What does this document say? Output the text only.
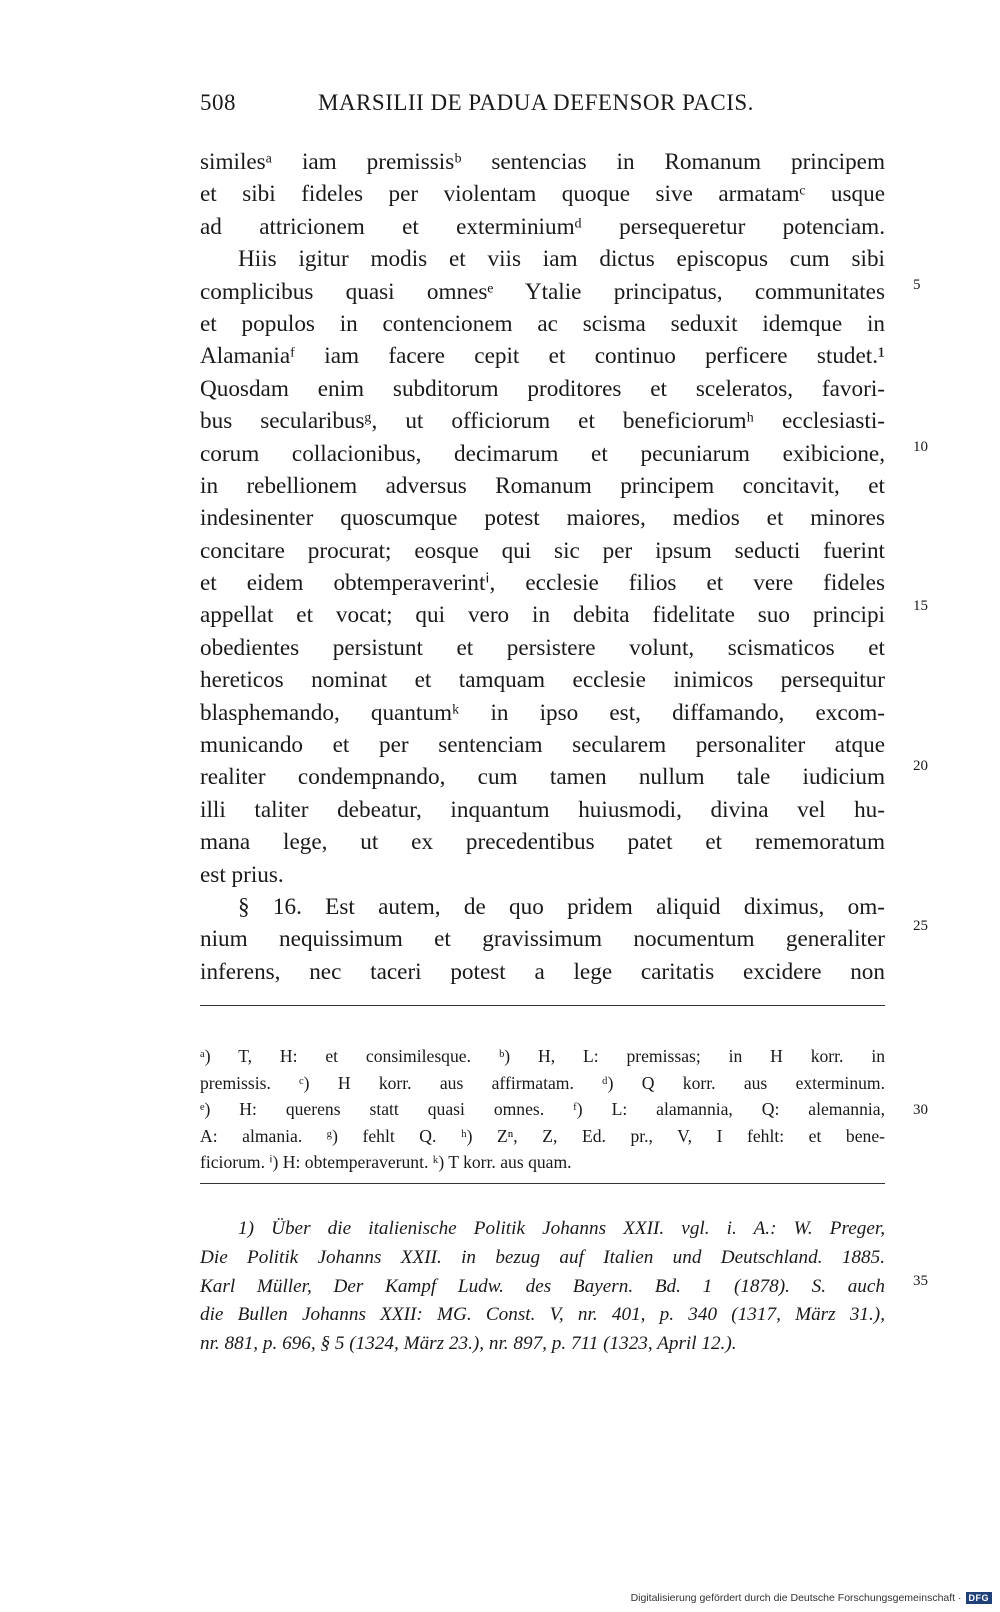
508	MARSILII DE PADUA DEFENSOR PACIS.
similesᵃ iam premissisᵇ sentencias in Romanum principem
et sibi fideles per violentam quoque sive armatamᶜ usque
ad attricionem et exterminiumᵈ persequeretur potenciam.
Hiis igitur modis et viis iam dictus episcopus cum sibi
complicibus quasi omnesᵉ Ytalie principatus, communitates
et populos in contencionem ac scisma seduxit idemque in
Alamaniaᶠ iam facere cepit et continuo perficere studet.¹
Quosdam enim subditorum proditores et sceleratos, favori-
bus secularibusᵍ, ut officiorum et beneficiorumʰ ecclesiasti-
corum collacionibus, decimarum et pecuniarum exibicione,
in rebellionem adversus Romanum principem concitavit, et
indesinenter quoscumque potest maiores, medios et minores
concitare procurat; eosque qui sic per ipsum seducti fuerint
et eidem obtemperaverintⁱ, ecclesie filios et vere fideles
appellat et vocat; qui vero in debita fidelitate suo principi
obedientes persistunt et persistere volunt, scismaticos et
hereticos nominat et tamquam ecclesie inimicos persequitur
blasphemando, quantumᵏ in ipso est, diffamando, excom-
municando et per sentenciam secularem personaliter atque
realiter condempnando, cum tamen nullum tale iudicium
illi taliter debeatur, inquantum huiusmodi, divina vel hu-
mana lege, ut ex precedentibus patet et rememoratum
est prius.
§ 16. Est autem, de quo pridem aliquid diximus, om-
nium nequissimum et gravissimum nocumentum generaliter
inferens, nec taceri potest a lege caritatis excidere non
5
10
15
20
25
30
35
ᵃ) T, H: et consimilesque. ᵇ) H, L: premissas; in H korr. in
premissis. ᶜ) H korr. aus affirmatam. ᵈ) Q korr. aus exterminum.
ᵉ) H: querens statt quasi omnes. ᶠ) L: alamannia, Q: alemannia,
A: almania. ᵍ) fehlt Q. ʰ) Zⁿ, Z, Ed. pr., V, I fehlt: et bene-
ficiorum. ⁱ) H: obtemperaverunt. ᵏ) T korr. aus quam.
1) Über die italienische Politik Johanns XXII. vgl. i. A.: W. Preger,
Die Politik Johanns XXII. in bezug auf Italien und Deutschland. 1885.
Karl Müller, Der Kampf Ludw. des Bayern. Bd. 1 (1878). S. auch
die Bullen Johanns XXII: MG. Const. V, nr. 401, p. 340 (1317, März 31.),
nr. 881, p. 696, § 5 (1324, März 23.), nr. 897, p. 711 (1323, April 12.).
Digitalisierung gefördert durch die Deutsche Forschungsgemeinschaft · DFG
